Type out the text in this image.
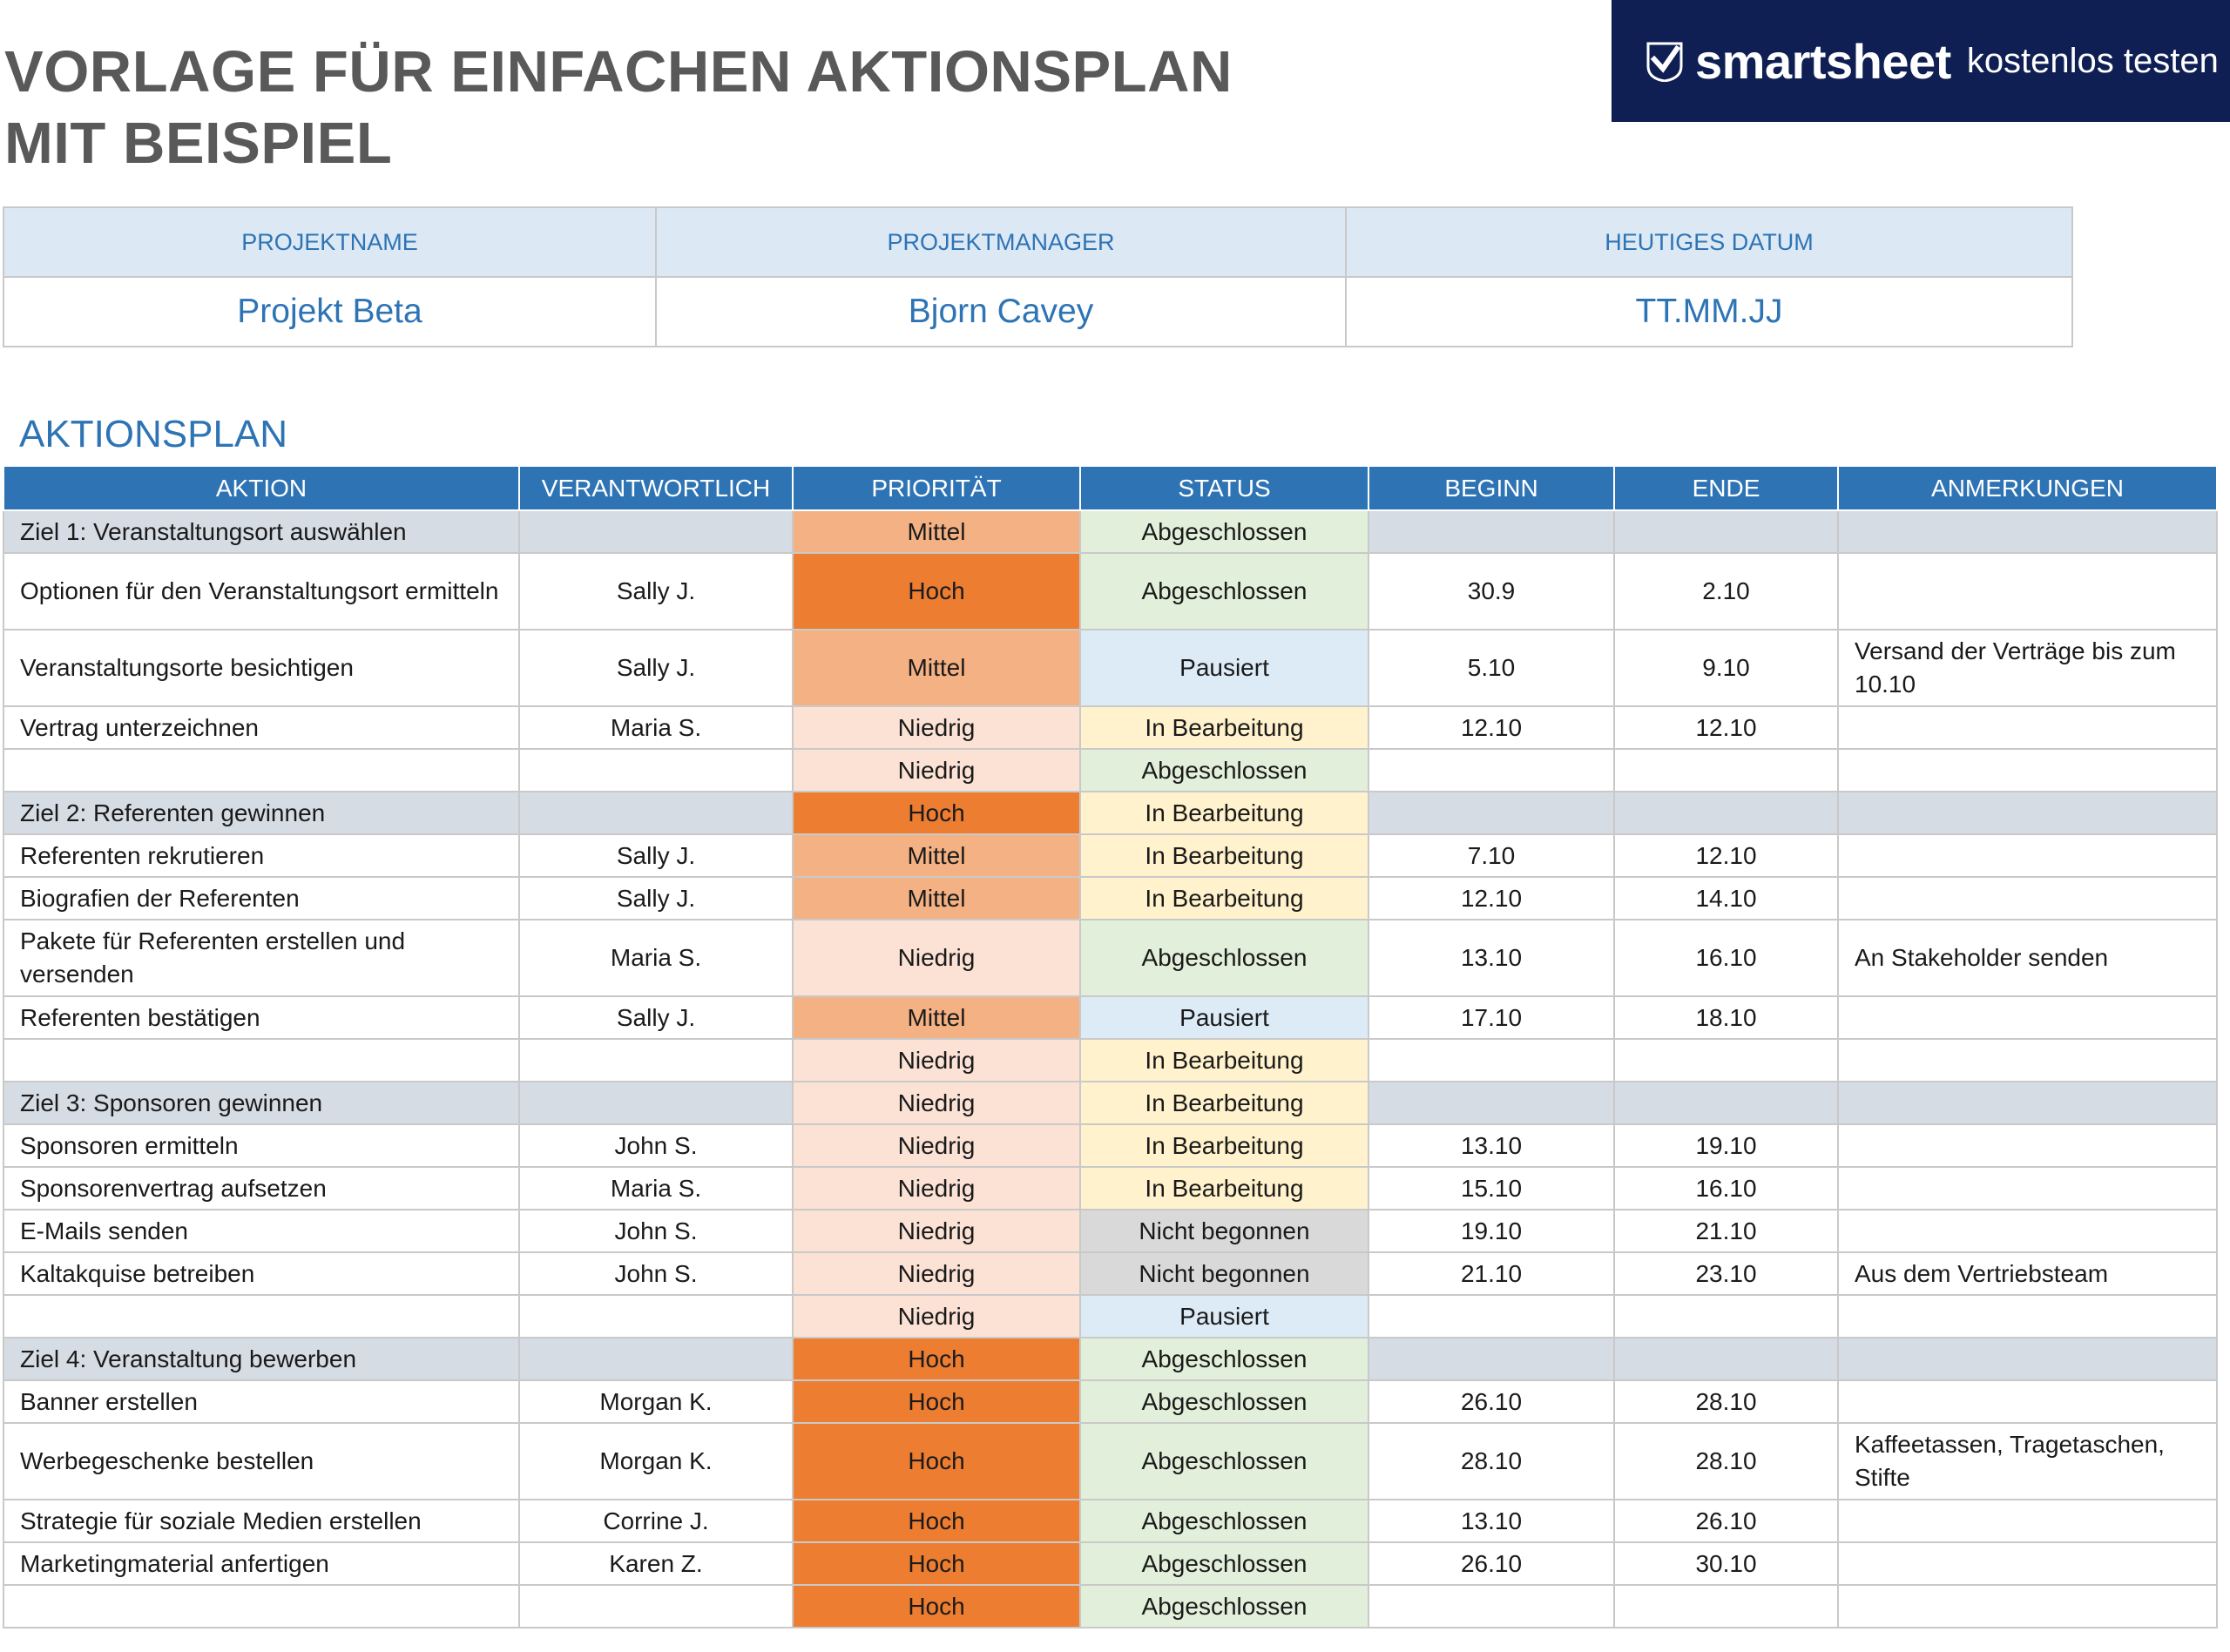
VORLAGE FÜR EINFACHEN AKTIONSPLAN
MIT BEISPIEL
smartsheet kostenlos testen
PROJEKTNAME	PROJEKTMANAGER	HEUTIGES DATUM
Projekt Beta	Bjorn Cavey	TT.MM.JJ
AKTIONSPLAN
AKTION	VERANTWORTLICH	PRIORITÄT	STATUS	BEGINN	ENDE	ANMERKUNGEN
Ziel 1: Veranstaltungsort auswählen		Mittel	Abgeschlossen			
Optionen für den Veranstaltungsort ermitteln	Sally J.	Hoch	Abgeschlossen	30.9	2.10	
Veranstaltungsorte besichtigen	Sally J.	Mittel	Pausiert	5.10	9.10	Versand der Verträge bis zum 10.10
Vertrag unterzeichnen	Maria S.	Niedrig	In Bearbeitung	12.10	12.10	
		Niedrig	Abgeschlossen			
Ziel 2: Referenten gewinnen		Hoch	In Bearbeitung			
Referenten rekrutieren	Sally J.	Mittel	In Bearbeitung	7.10	12.10	
Biografien der Referenten	Sally J.	Mittel	In Bearbeitung	12.10	14.10	
Pakete für Referenten erstellen und versenden	Maria S.	Niedrig	Abgeschlossen	13.10	16.10	An Stakeholder senden
Referenten bestätigen	Sally J.	Mittel	Pausiert	17.10	18.10	
		Niedrig	In Bearbeitung			
Ziel 3: Sponsoren gewinnen		Niedrig	In Bearbeitung			
Sponsoren ermitteln	John S.	Niedrig	In Bearbeitung	13.10	19.10	
Sponsorenvertrag aufsetzen	Maria S.	Niedrig	In Bearbeitung	15.10	16.10	
E-Mails senden	John S.	Niedrig	Nicht begonnen	19.10	21.10	
Kaltakquise betreiben	John S.	Niedrig	Nicht begonnen	21.10	23.10	Aus dem Vertriebsteam
		Niedrig	Pausiert			
Ziel 4: Veranstaltung bewerben		Hoch	Abgeschlossen			
Banner erstellen	Morgan K.	Hoch	Abgeschlossen	26.10	28.10	
Werbegeschenke bestellen	Morgan K.	Hoch	Abgeschlossen	28.10	28.10	Kaffeetassen, Tragetaschen, Stifte
Strategie für soziale Medien erstellen	Corrine J.	Hoch	Abgeschlossen	13.10	26.10	
Marketingmaterial anfertigen	Karen Z.	Hoch	Abgeschlossen	26.10	30.10	
		Hoch	Abgeschlossen			
